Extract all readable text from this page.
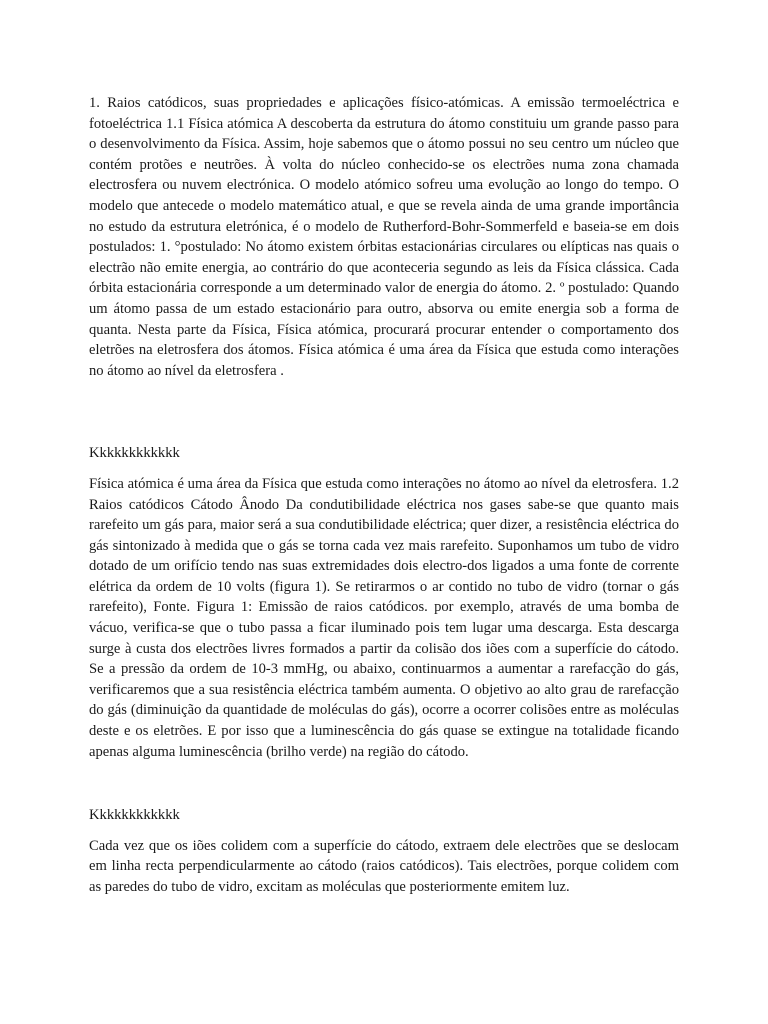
1. Raios catódicos, suas propriedades e aplicações físico-atómicas. A emissão termoeléctrica e fotoeléctrica 1.1 Física atómica A descoberta da estrutura do átomo constituiu um grande passo para o desenvolvimento da Física. Assim, hoje sabemos que o átomo possui no seu centro um núcleo que contém protões e neutrões. À volta do núcleo conhecido-se os electrões numa zona chamada electrosfera ou nuvem electrónica. O modelo atómico sofreu uma evolução ao longo do tempo. O modelo que antecede o modelo matemático atual, e que se revela ainda de uma grande importância no estudo da estrutura eletrónica, é o modelo de Rutherford-Bohr-Sommerfeld e baseia-se em dois postulados: 1. °postulado: No átomo existem órbitas estacionárias circulares ou elípticas nas quais o electrão não emite energia, ao contrário do que aconteceria segundo as leis da Física clássica. Cada órbita estacionária corresponde a um determinado valor de energia do átomo. 2. º postulado: Quando um átomo passa de um estado estacionário para outro, absorva ou emite energia sob a forma de quanta. Nesta parte da Física, Física atómica, procurará procurar entender o comportamento dos eletrões na eletrosfera dos átomos. Física atómica é uma área da Física que estuda como interações no átomo ao nível da eletrosfera .

Kkkkkkkkkkkk

Física atómica é uma área da Física que estuda como interações no átomo ao nível da eletrosfera. 1.2 Raios catódicos Cátodo Ânodo Da condutibilidade eléctrica nos gases sabe-se que quanto mais rarefeito um gás para, maior será a sua condutibilidade eléctrica; quer dizer, a resistência eléctrica do gás sintonizado à medida que o gás se torna cada vez mais rarefeito. Suponhamos um tubo de vidro dotado de um orifício tendo nas suas extremidades dois electro-dos ligados a uma fonte de corrente elétrica da ordem de 10 volts (figura 1). Se retirarmos o ar contido no tubo de vidro (tornar o gás rarefeito), Fonte. Figura 1: Emissão de raios catódicos. por exemplo, através de uma bomba de vácuo, verifica-se que o tubo passa a ficar iluminado pois tem lugar uma descarga. Esta descarga surge à custa dos electrões livres formados a partir da colisão dos iões com a superfície do cátodo. Se a pressão da ordem de 10-3 mmHg, ou abaixo, continuarmos a aumentar a rarefacção do gás, verificaremos que a sua resistência eléctrica também aumenta. O objetivo ao alto grau de rarefacção do gás (diminuição da quantidade de moléculas do gás), ocorre a ocorrer colisões entre as moléculas deste e os eletrões. E por isso que a luminescência do gás quase se extingue na totalidade ficando apenas alguma luminescência (brilho verde) na região do cátodo.

Kkkkkkkkkkkk

Cada vez que os iões colidem com a superfície do cátodo, extraem dele electrões que se deslocam em linha recta perpendicularmente ao cátodo (raios catódicos). Tais electrões, porque colidem com as paredes do tubo de vidro, excitam as moléculas que posteriormente emitem luz.
